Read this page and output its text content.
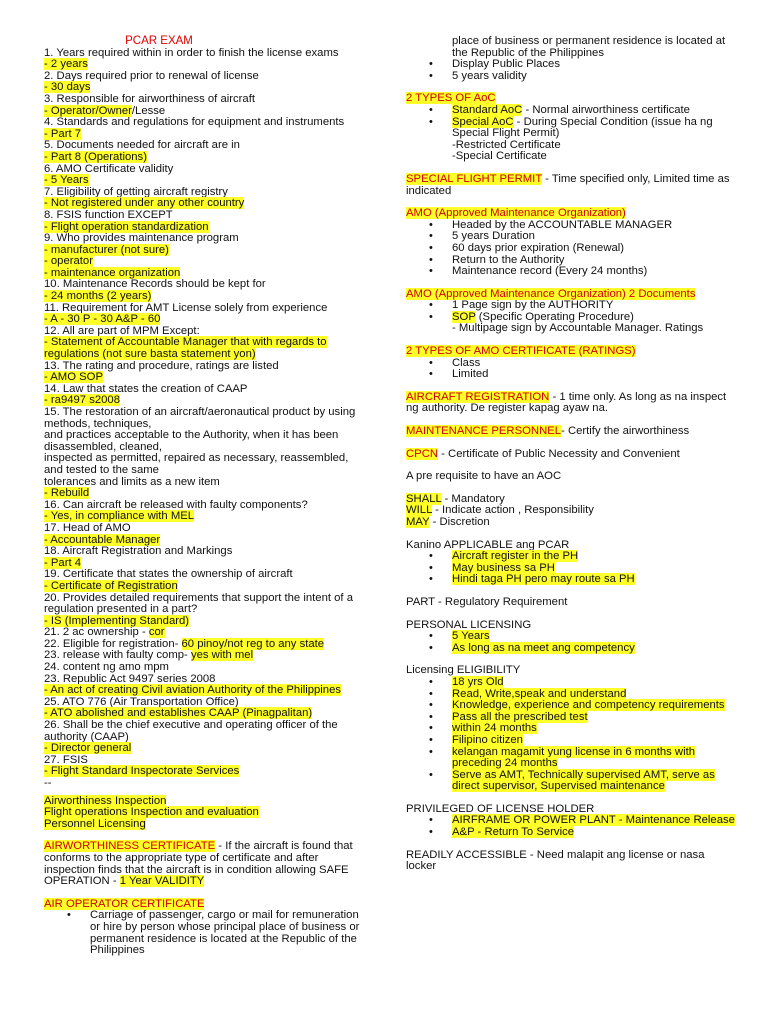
PCAR EXAM
1. Years required within in order to finish the license exams
- 2 years
2. Days required prior to renewal of license
- 30 days
3. Responsible for airworthiness of aircraft
- Operator/Owner/Lesse
4. Standards and regulations for equipment and instruments
- Part 7
5. Documents needed for aircraft are in
- Part 8 (Operations)
6. AMO Certificate validity
- 5 Years
7. Eligibility of getting aircraft registry
- Not registered under any other country
8. FSIS function EXCEPT
- Flight operation standardization
9. Who provides maintenance program
- manufacturer (not sure)
- operator
- maintenance organization
10. Maintenance Records should be kept for
- 24 months (2 years)
11. Requirement for AMT License solely from experience
- A - 30 P - 30 A&P - 60
12. All are part of MPM Except:
- Statement of Accountable Manager that with regards to regulations (not sure basta statement yon)
13. The rating and procedure, ratings are listed
- AMO SOP
14. Law that states the creation of CAAP
- ra9497 s2008
15. The restoration of an aircraft/aeronautical product by using methods, techniques,
and practices acceptable to the Authority, when it has been disassembled, cleaned,
inspected as permitted, repaired as necessary, reassembled, and tested to the same
tolerances and limits as a new item
- Rebuild
16. Can aircraft be released with faulty components?
- Yes, in compliance with MEL
17. Head of AMO
- Accountable Manager
18. Aircraft Registration and Markings
- Part 4
19. Certificate that states the ownership of aircraft
- Certificate of Registration
20. Provides detailed requirements that support the intent of a regulation presented in a part?
- IS (Implementing Standard)
21. 2 ac ownership - cor
22. Eligible for registration- 60 pinoy/not reg to any state
23. release with faulty comp- yes with mel
24. content ng amo mpm
23. Republic Act 9497 series 2008
- An act of creating Civil aviation Authority of the Philippines
25. ATO 776 (Air Transportation Office)
- ATO abolished and establishes CAAP (Pinagpalitan)
26. Shall be the chief executive and operating officer of the authority (CAAP)
- Director general
27. FSIS
- Flight Standard Inspectorate Services
--
Airworthiness Inspection
Flight operations Inspection and evaluation
Personnel Licensing
AIRWORTHINESS CERTIFICATE - If the aircraft is found that conforms to the appropriate type of certificate and after inspection finds that the aircraft is in condition allowing SAFE OPERATION - 1 Year VALIDITY
AIR OPERATOR CERTIFICATE
• Carriage of passenger, cargo or mail for remuneration or hire by person whose principal place of business or permanent residence is located at the Republic of the Philippines
place of business or permanent residence is located at the Republic of the Philippines
• Display Public Places
• 5 years validity
2 TYPES OF AoC
• Standard AoC - Normal airworthiness certificate
• Special AoC - During Special Condition (issue ha ng Special Flight Permit)
-Restricted Certificate
-Special Certificate
SPECIAL FLIGHT PERMIT - Time specified only, Limited time as indicated
AMO (Approved Maintenance Organization)
• Headed by the ACCOUNTABLE MANAGER
• 5 years Duration
• 60 days prior expiration (Renewal)
• Return to the Authority
• Maintenance record (Every 24 months)
AMO (Approved Maintenance Organization) 2 Documents
• 1 Page sign by the AUTHORITY
• SOP (Specific Operating Procedure)
- Multipage sign by Accountable Manager. Ratings
2 TYPES OF AMO CERTIFICATE (RATINGS)
• Class
• Limited
AIRCRAFT REGISTRATION - 1 time only. As long as na inspect ng authority. De register kapag ayaw na.
MAINTENANCE PERSONNEL- Certify the airworthiness
CPCN - Certificate of Public Necessity and Convenient
A pre requisite to have an AOC
SHALL - Mandatory
WILL - Indicate action , Responsibility
MAY - Discretion
Kanino APPLICABLE ang PCAR
• Aircraft register in the PH
• May business sa PH
• Hindi taga PH pero may route sa PH
PART - Regulatory Requirement
PERSONAL LICENSING
• 5 Years
• As long as na meet ang competency
Licensing ELIGIBILITY
• 18 yrs Old
• Read, Write,speak and understand
• Knowledge, experience and competency requirements
• Pass all the prescribed test
• within 24 months
• Filipino citizen
• kelangan magamit yung license in 6 months with preceding 24 months
• Serve as AMT, Technically supervised AMT, serve as direct supervisor, Supervised maintenance
PRIVILEGED OF LICENSE HOLDER
• AIRFRAME OR POWER PLANT - Maintenance Release
• A&P - Return To Service
READILY ACCESSIBLE - Need malapit ang license or nasa locker
